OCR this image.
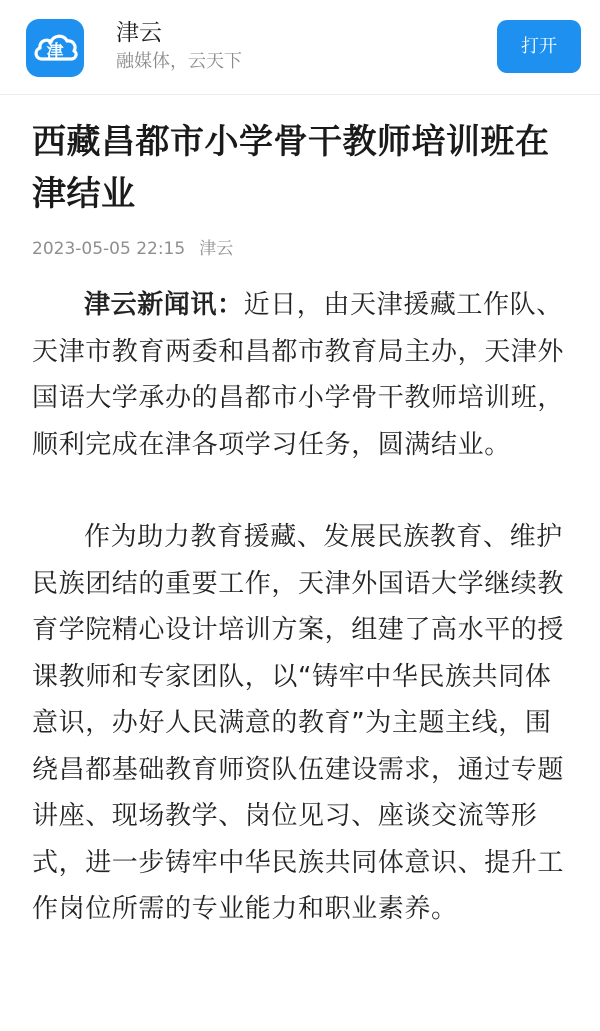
津
津云
融媒体，云天下
打开
西藏昌都市小学骨干教师培训班在津结业
2023-05-05 22:15 津云

津云新闻讯：近日，由天津援藏工作队、天津市教育两委和昌都市教育局主办，天津外国语大学承办的昌都市小学骨干教师培训班，顺利完成在津各项学习任务，圆满结业。

作为助力教育援藏、发展民族教育、维护民族团结的重要工作，天津外国语大学继续教育学院精心设计培训方案，组建了高水平的授课教师和专家团队，以“铸牢中华民族共同体意识，办好人民满意的教育”为主题主线，围绕昌都基础教育师资队伍建设需求，通过专题讲座、现场教学、岗位见习、座谈交流等形式，进一步铸牢中华民族共同体意识、提升工作岗位所需的专业能力和职业素养。
